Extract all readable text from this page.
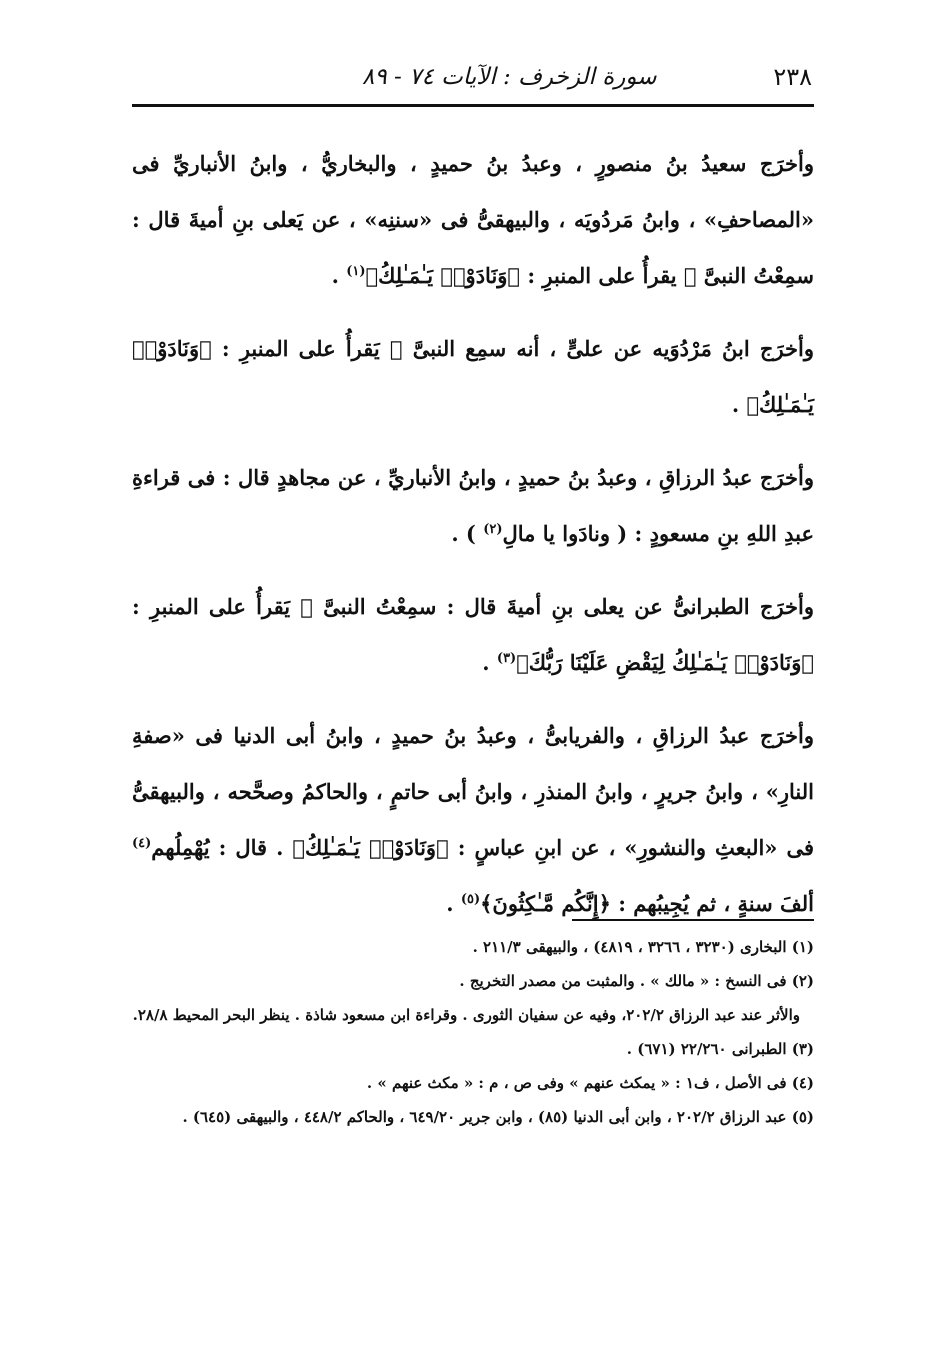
٢٣٨
سورة الزخرف : الآيات ٧٤ - ٨٩

وأخرَج سعيدُ بنُ منصورٍ ، وعبدُ بنُ حميدٍ ، والبخاريُّ ، وابنُ الأنباريِّ فى «المصاحفِ» ، وابنُ مَردُويَه ، والبيهقىُّ فى «سننِه» ، عن يَعلى بنِ أميةَ قال : سمِعْتُ النبىَّ ﷺ يقرأُ على المنبرِ : ﴿وَنَادَوْا۟ يَـٰمَـٰلِكُ﴾$^{(١)}$ .

وأخرَج ابنُ مَرْدُوَيه عن علىٍّ ، أنه سمِع النبىَّ ﷺ يَقرأُ على المنبرِ : ﴿وَنَادَوْا۟ يَـٰمَـٰلِكُ﴾ .

وأخرَج عبدُ الرزاقِ ، وعبدُ بنُ حميدٍ ، وابنُ الأنباريِّ ، عن مجاهدٍ قال : فى قراءةِ عبدِ اللهِ بنِ مسعودٍ : ( ونادَوا يا مالِ$^{(٢)}$ ) .

وأخرَج الطبرانىُّ عن يعلى بنِ أميةَ قال : سمِعْتُ النبىَّ ﷺ يَقرأُ على المنبرِ : ﴿وَنَادَوْا۟ يَـٰمَـٰلِكُ لِيَقْضِ عَلَيْنَا رَبُّكَ﴾$^{(٣)}$ .

وأخرَج عبدُ الرزاقِ ، والفريابىُّ ، وعبدُ بنُ حميدٍ ، وابنُ أبى الدنيا فى «صفةِ النارِ» ، وابنُ جريرٍ ، وابنُ المنذرِ ، وابنُ أبى حاتمٍ ، والحاكمُ وصحَّحه ، والبيهقىُّ فى «البعثِ والنشورِ» ، عن ابنِ عباسٍ : ﴿وَنَادَوْا۟ يَـٰمَـٰلِكُ﴾ . قال : يُهْمِلُهم$^{(٤)}$ ألفَ سنةٍ ، ثم يُجِيبُهم : ﴿إِنَّكُم مَّـٰكِثُونَ﴾$^{(٥)}$ .

(١) البخارى (٣٢٣٠ ، ٣٢٦٦ ، ٤٨١٩) ، والبيهقى ٢١١/٣ .

(٢) فى النسخ : « مالك » . والمثبت من مصدر التخريج .

والأثر عند عبد الرزاق ٢٠٢/٢، وفيه عن سفيان الثورى . وقراءة ابن مسعود شاذة . ينظر البحر المحيط ٢٨/٨.

(٣) الطبرانى ٢٢/٢٦٠ (٦٧١) .

(٤) فى الأصل ، ف١ : « يمكث عنهم » وفى ص ، م : « مكث عنهم » .

(٥) عبد الرزاق ٢٠٢/٢ ، وابن أبى الدنيا (٨٥) ، وابن جرير ٦٤٩/٢٠ ، والحاكم ٤٤٨/٢ ، والبيهقى (٦٤٥) .
